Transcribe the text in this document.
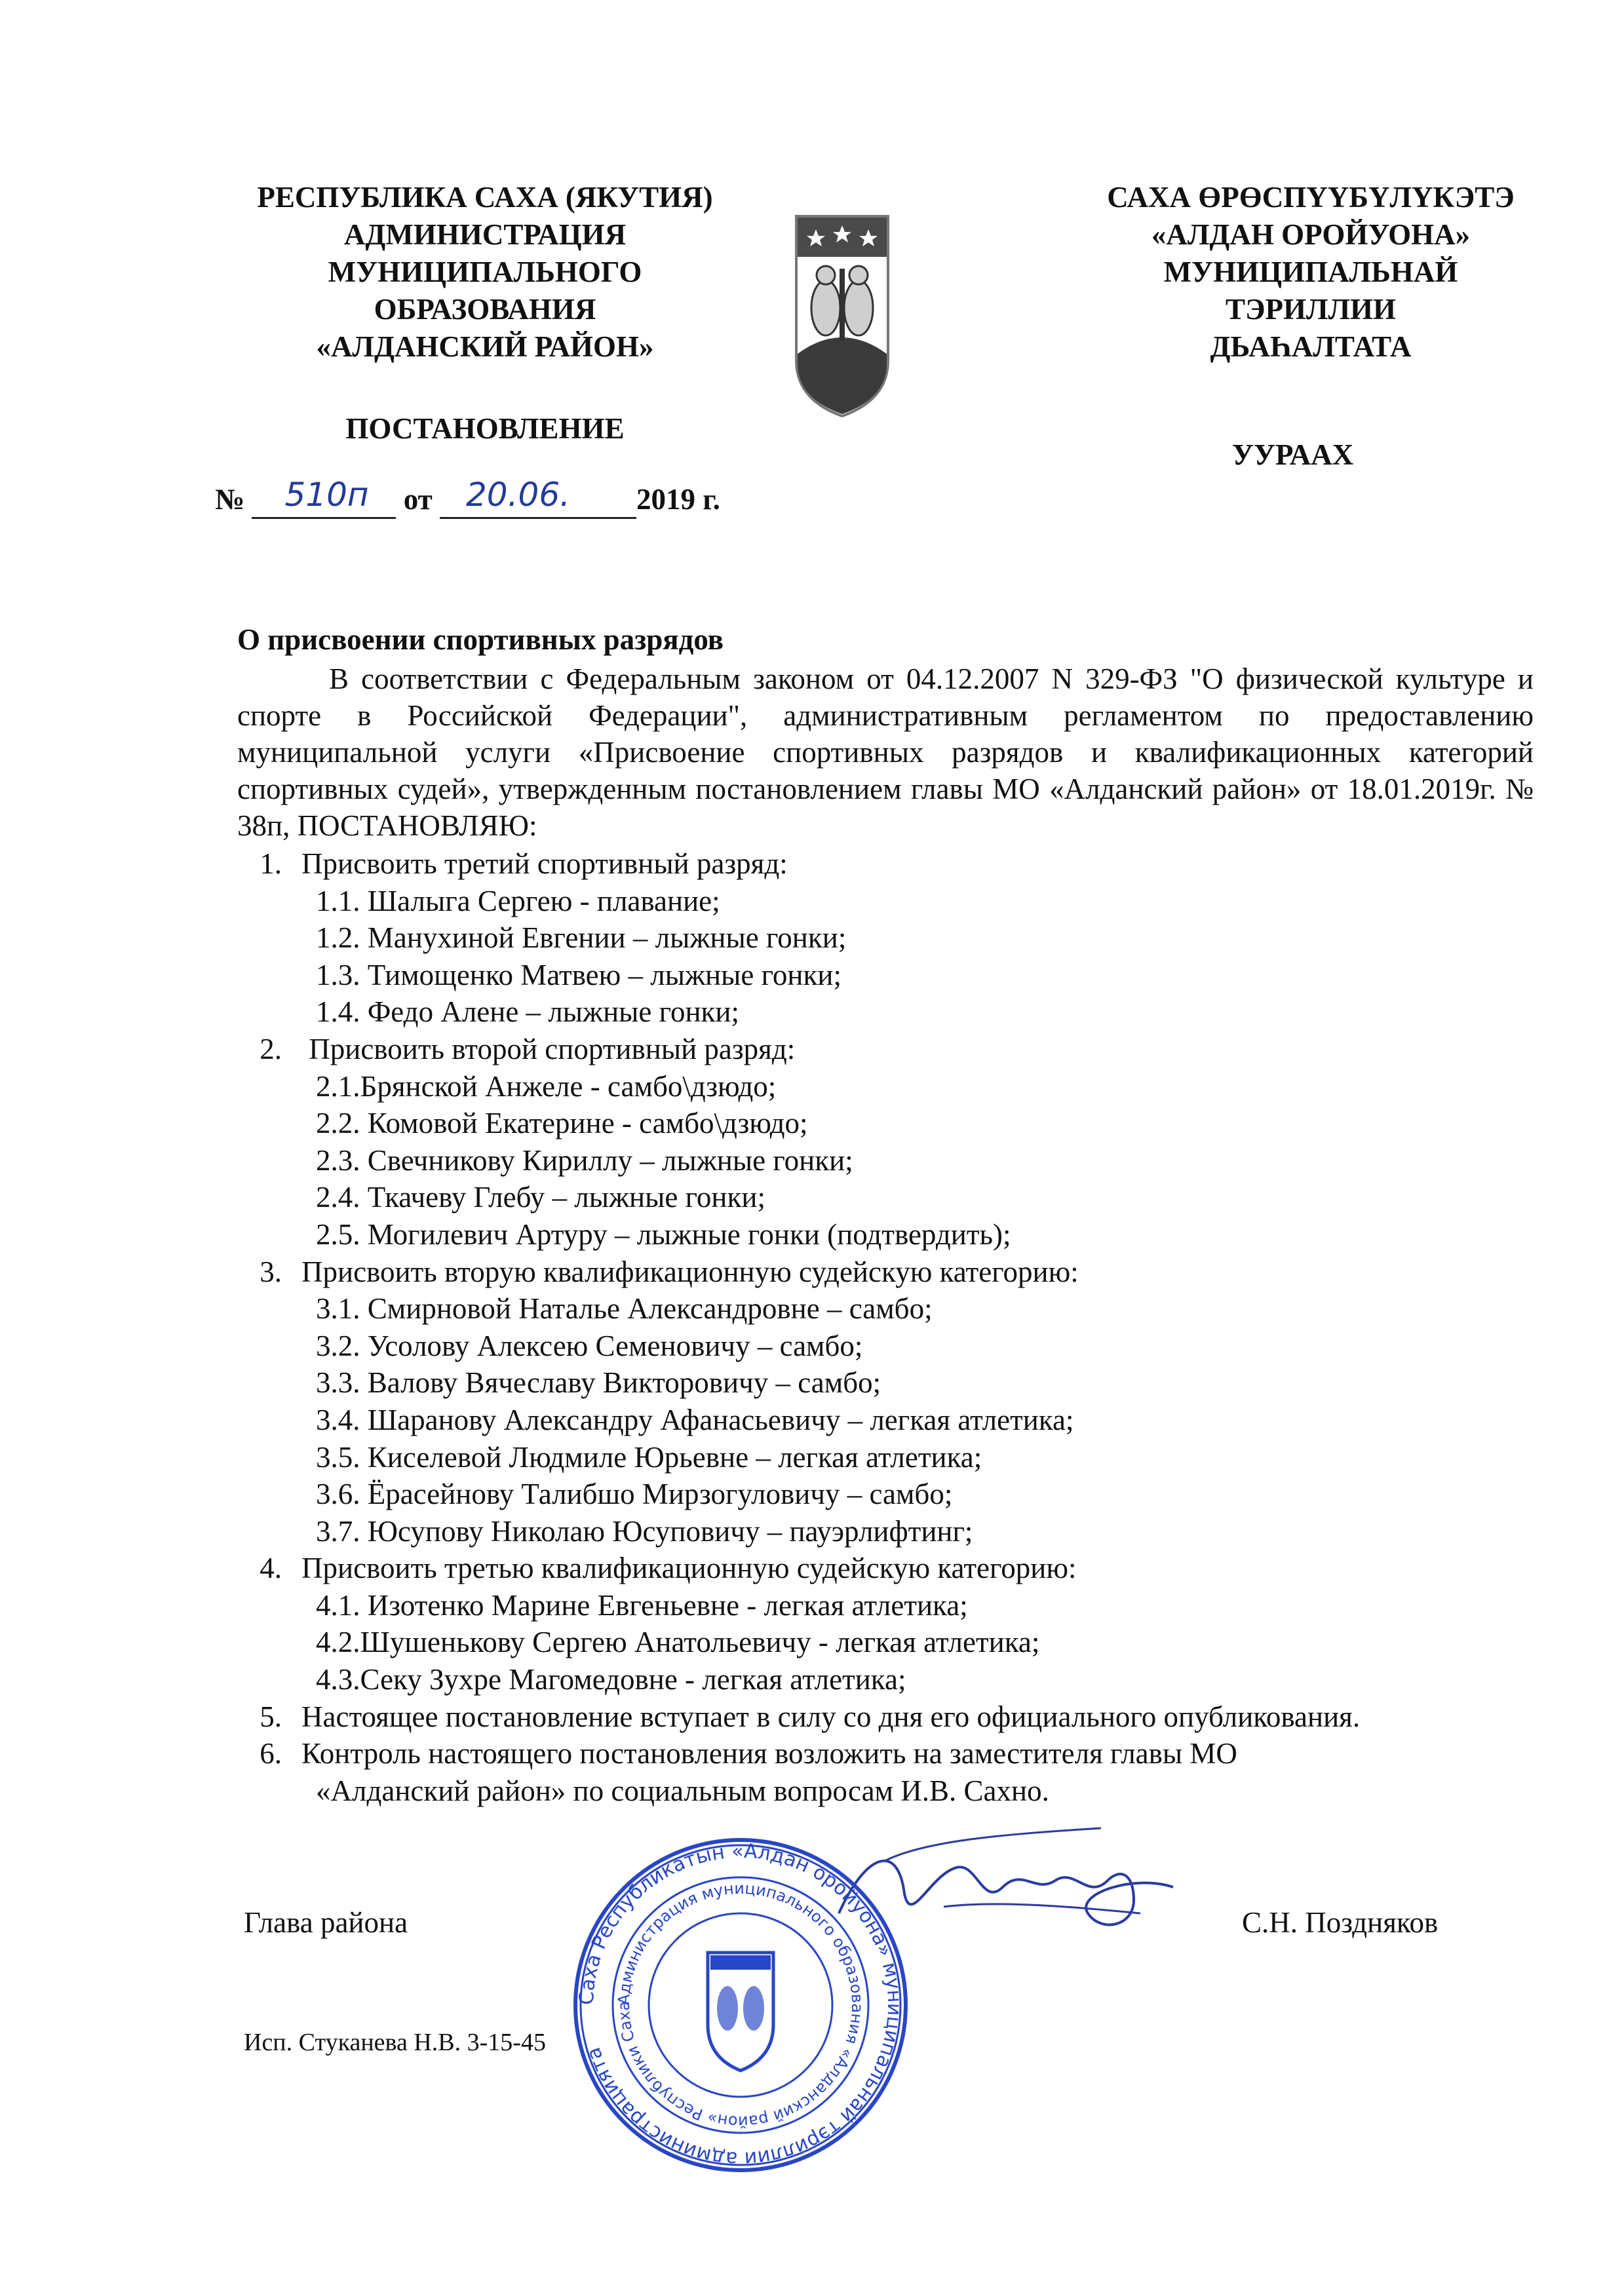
РЕСПУБЛИКА САХА (ЯКУТИЯ)
АДМИНИСТРАЦИЯ
МУНИЦИПАЛЬНОГО
ОБРАЗОВАНИЯ
«АЛДАНСКИЙ РАЙОН»
ПОСТАНОВЛЕНИЕ
САХА ӨРӨСПҮҮБҮЛҮКЭТЭ
«АЛДАН ОРОЙУОНА»
МУНИЦИПАЛЬНАЙ
ТЭРИЛЛИИ
ДЬАҺАЛТАТА
УУРААХ
№ 510п от 20.06. 2019 г.
О присвоении спортивных разрядов
В соответствии с Федеральным законом от 04.12.2007 N 329-ФЗ "О физической культуре и спорте в Российской Федерации", административным регламентом по предоставлению муниципальной услуги «Присвоение спортивных разрядов и квалификационных категорий спортивных судей», утвержденным постановлением главы МО «Алданский район» от 18.01.2019г. № 38п, ПОСТАНОВЛЯЮ:
1. Присвоить третий спортивный разряд:
1.1. Шалыга Сергею - плавание;
1.2. Манухиной Евгении – лыжные гонки;
1.3. Тимощенко Матвею – лыжные гонки;
1.4. Федо Алене – лыжные гонки;
2. Присвоить второй спортивный разряд:
2.1.Брянской Анжеле - самбо\дзюдо;
2.2. Комовой Екатерине - самбо\дзюдо;
2.3. Свечникову Кириллу – лыжные гонки;
2.4. Ткачеву Глебу – лыжные гонки;
2.5. Могилевич Артуру – лыжные гонки (подтвердить);
3. Присвоить вторую квалификационную судейскую категорию:
3.1. Смирновой Наталье Александровне – самбо;
3.2. Усолову Алексею Семеновичу – самбо;
3.3. Валову Вячеславу Викторовичу – самбо;
3.4. Шаранову Александру Афанасьевичу – легкая атлетика;
3.5. Киселевой Людмиле Юрьевне – легкая атлетика;
3.6. Ёрасейнову Талибшо Мирзогуловичу – самбо;
3.7. Юсупову Николаю Юсуповичу – пауэрлифтинг;
4. Присвоить третью квалификационную судейскую категорию:
4.1. Изотенко Марине Евгеньевне - легкая атлетика;
4.2.Шушенькову Сергею Анатольевичу - легкая атлетика;
4.3.Секу Зухре Магомедовне - легкая атлетика;
5. Настоящее постановление вступает в силу со дня его официального опубликования.
6. Контроль настоящего постановления возложить на заместителя главы МО
«Алданский район» по социальным вопросам И.В. Сахно.
Глава района	С.Н. Поздняков
Саха Республикатын «Алдан оройуона» муниципальнай тэриллии администрацията
Администрация муниципального образования «Алданский район» Республики Саха
Исп. Стуканева Н.В. 3-15-45
